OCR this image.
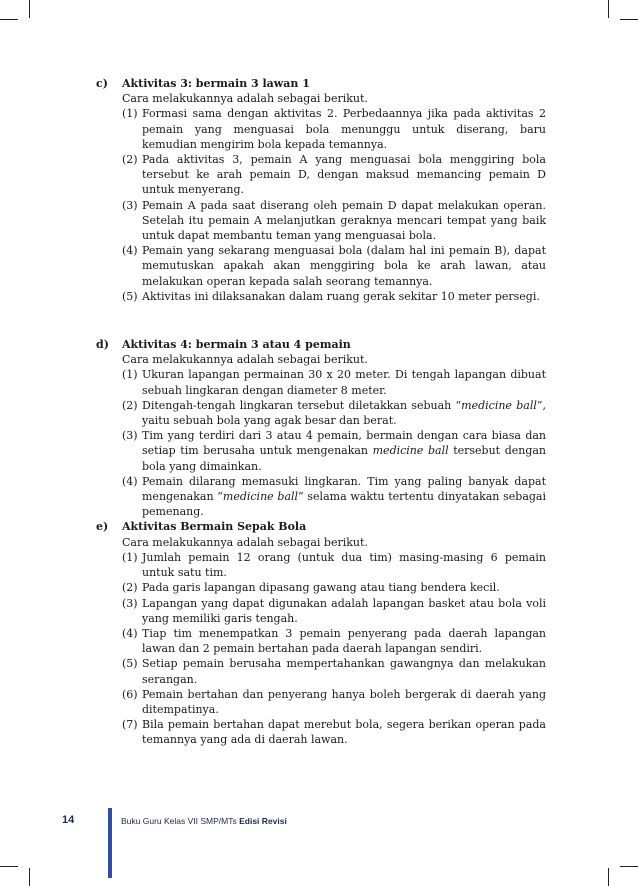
c) Aktivitas 3: bermain 3 lawan 1
Cara melakukannya adalah sebagai berikut.
(1) Formasi sama dengan aktivitas 2. Perbedaannya jika pada aktivitas 2 pemain yang menguasai bola menunggu untuk diserang, baru kemudian mengirim bola kepada temannya.
(2) Pada aktivitas 3, pemain A yang menguasai bola menggiring bola tersebut ke arah pemain D, dengan maksud memancing pemain D untuk menyerang.
(3) Pemain A pada saat diserang oleh pemain D dapat melakukan operan. Setelah itu pemain A melanjutkan geraknya mencari tempat yang baik untuk dapat membantu teman yang menguasai bola.
(4) Pemain yang sekarang menguasai bola (dalam hal ini pemain B), dapat memutuskan apakah akan menggiring bola ke arah lawan, atau melakukan operan kepada salah seorang temannya.
(5) Aktivitas ini dilaksanakan dalam ruang gerak sekitar 10 meter persegi.
d) Aktivitas 4: bermain 3 atau 4 pemain
Cara melakukannya adalah sebagai berikut.
(1) Ukuran lapangan permainan 30 x 20 meter. Di tengah lapangan dibuat sebuah lingkaran dengan diameter 8 meter.
(2) Ditengah-tengah lingkaran tersebut diletakkan sebuah “medicine ball”, yaitu sebuah bola yang agak besar dan berat.
(3) Tim yang terdiri dari 3 atau 4 pemain, bermain dengan cara biasa dan setiap tim berusaha untuk mengenakan medicine ball tersebut dengan bola yang dimainkan.
(4) Pemain dilarang memasuki lingkaran. Tim yang paling banyak dapat mengenakan “medicine ball” selama waktu tertentu dinyatakan sebagai pemenang.
e) Aktivitas Bermain Sepak Bola
Cara melakukannya adalah sebagai berikut.
(1) Jumlah pemain 12 orang (untuk dua tim) masing-masing 6 pemain untuk satu tim.
(2) Pada garis lapangan dipasang gawang atau tiang bendera kecil.
(3) Lapangan yang dapat digunakan adalah lapangan basket atau bola voli yang memiliki garis tengah.
(4) Tiap tim menempatkan 3 pemain penyerang pada daerah lapangan lawan dan 2 pemain bertahan pada daerah lapangan sendiri.
(5) Setiap pemain berusaha mempertahankan gawangnya dan melakukan serangan.
(6) Pemain bertahan dan penyerang hanya boleh bergerak di daerah yang ditempatinya.
(7) Bila pemain bertahan dapat merebut bola, segera berikan operan pada temannya yang ada di daerah lawan.
14	Buku Guru Kelas VII SMP/MTs Edisi Revisi
